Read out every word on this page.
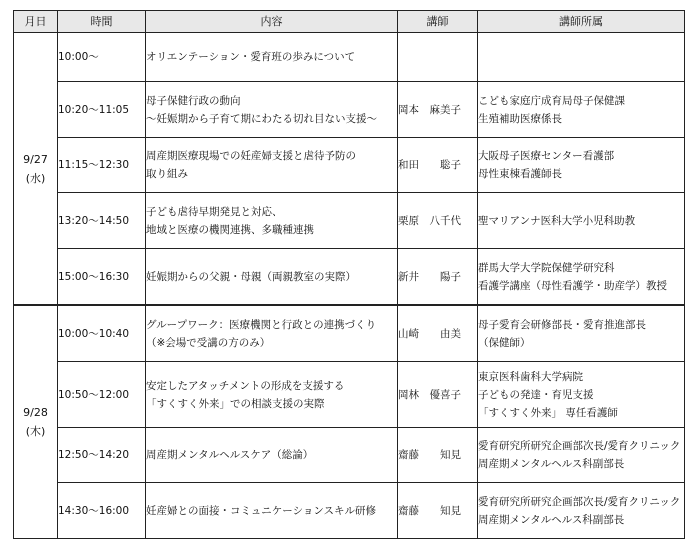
月日	時間	内容	講師	講師所属

9/27
(水)	10:00〜	オリエンテーション・愛育班の歩みについて		

	10:20〜11:05	母子保健行政の動向
〜妊娠期から子育て期にわたる切れ目ない支援〜	岡本　麻美子	こども家庭庁成育局母子保健課
生殖補助医療係長

	11:15〜12:30	周産期医療現場での妊産婦支援と虐待予防の
取り組み	和田　　聡子	大阪母子医療センター看護部
母性東棟看護師長

	13:20〜14:50	子ども虐待早期発見と対応、
地域と医療の機関連携、多職種連携	栗原　八千代	聖マリアンナ医科大学小児科助教

	15:00〜16:30	妊娠期からの父親・母親（両親教室の実際）	新井　　陽子	群馬大学大学院保健学研究科
看護学講座（母性看護学・助産学）教授

9/28
(木)	10:00〜10:40	グループワーク：医療機関と行政との連携づくり
（※会場で受講の方のみ）	山崎　　由美	母子愛育会研修部長・愛育推進部長
（保健師）

	10:50〜12:00	安定したアタッチメントの形成を支援する
「すくすく外来」での相談支援の実際	岡林　優喜子	東京医科歯科大学病院
子どもの発達・育児支援
「すくすく外来」 専任看護師

	12:50〜14:20	周産期メンタルヘルスケア（総論）	齋藤　　知見	愛育研究所研究企画部次長/愛育クリニック
周産期メンタルヘルス科副部長

	14:30〜16:00	妊産婦との面接・コミュニケーションスキル研修	齋藤　　知見	愛育研究所研究企画部次長/愛育クリニック
周産期メンタルヘルス科副部長
